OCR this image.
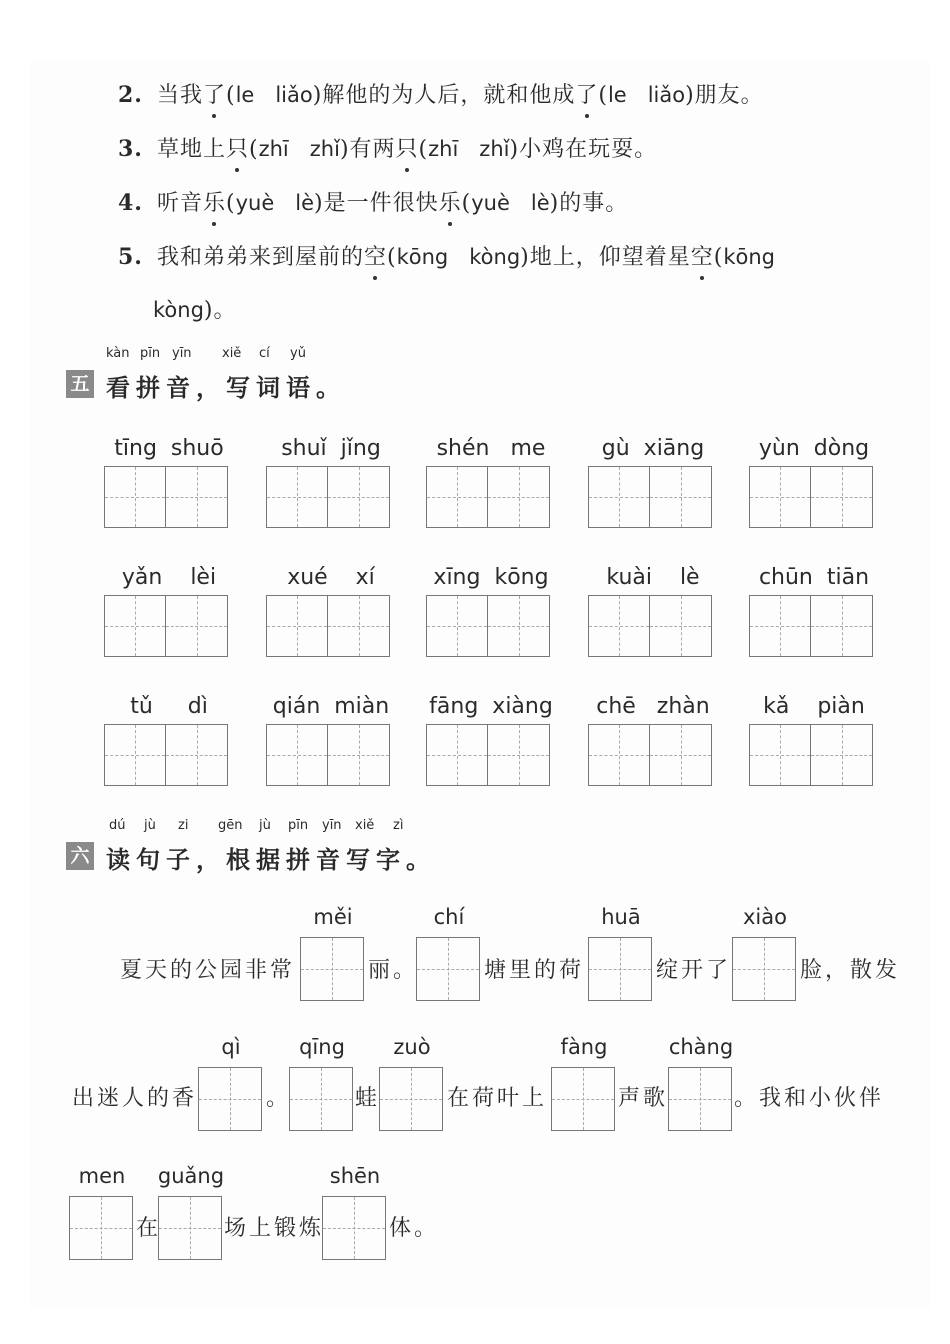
2. 当我了(le　liǎo)解他的为人后，就和他成了(le　liǎo)朋友。
3. 草地上只(zhī　zhǐ)有两只(zhī　zhǐ)小鸡在玩耍。
4. 听音乐(yuè　lè)是一件很快乐(yuè　lè)的事。
5. 我和弟弟来到屋前的空(kōng　kòng)地上，仰望着星空(kōng
kòng)。
kàn pīn yīn xiě cí yǔ
五 看拼音，写词语。
tīng  shuō	shuǐ  jǐng	shén   me	gù  xiāng	yùn  dòng
yǎn    lèi	xué    xí	xīng  kōng	kuài    lè	chūn  tiān
tǔ     dì	qián  miàn	fāng  xiàng	chē   zhàn	kǎ    piàn
dú jù zi gēn jù pīn yīn xiě zì
六 读句子，根据拼音写字。
夏天的公园非常	丽。	塘里的荷	绽开了	脸，散发
出迷人的香	。	蛙	在荷叶上	声歌	。我和小伙伴
在	场上锻炼	体。
měi	chí	huā	xiào
qì	qīng	zuò	fàng	chàng
men	guǎng	shēn
